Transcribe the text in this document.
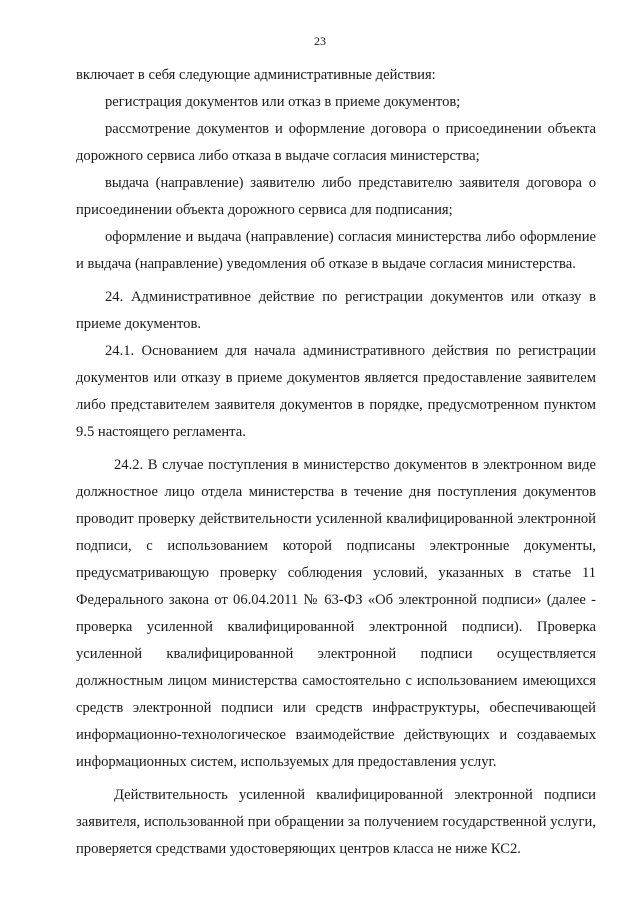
23

включает в себя следующие административные действия:

регистрация документов или отказ в приеме документов;

рассмотрение документов и оформление договора о присоединении объекта дорожного сервиса либо отказа в выдаче согласия министерства;

выдача (направление) заявителю либо представителю заявителя договора о присоединении объекта дорожного сервиса для подписания;

оформление и выдача (направление) согласия министерства либо оформление и выдача (направление) уведомления об отказе в выдаче согласия министерства.

24. Административное действие по регистрации документов или отказу в приеме документов.

24.1. Основанием для начала административного действия по регистрации документов или отказу в приеме документов является предоставление заявителем либо представителем заявителя документов в порядке, предусмотренном пунктом 9.5 настоящего регламента.

24.2. В случае поступления в министерство документов в электронном виде должностное лицо отдела министерства в течение дня поступления документов проводит проверку действительности усиленной квалифицированной электронной подписи, с использованием которой подписаны электронные документы, предусматривающую проверку соблюдения условий, указанных в статье 11 Федерального закона от 06.04.2011 № 63-ФЗ «Об электронной подписи» (далее - проверка усиленной квалифицированной электронной подписи). Проверка усиленной квалифицированной электронной подписи осуществляется должностным лицом министерства самостоятельно с использованием имеющихся средств электронной подписи или средств инфраструктуры, обеспечивающей информационно-технологическое взаимодействие действующих и создаваемых информационных систем, используемых для предоставления услуг.

Действительность усиленной квалифицированной электронной подписи заявителя, использованной при обращении за получением государственной услуги, проверяется средствами удостоверяющих центров класса не ниже КС2.
